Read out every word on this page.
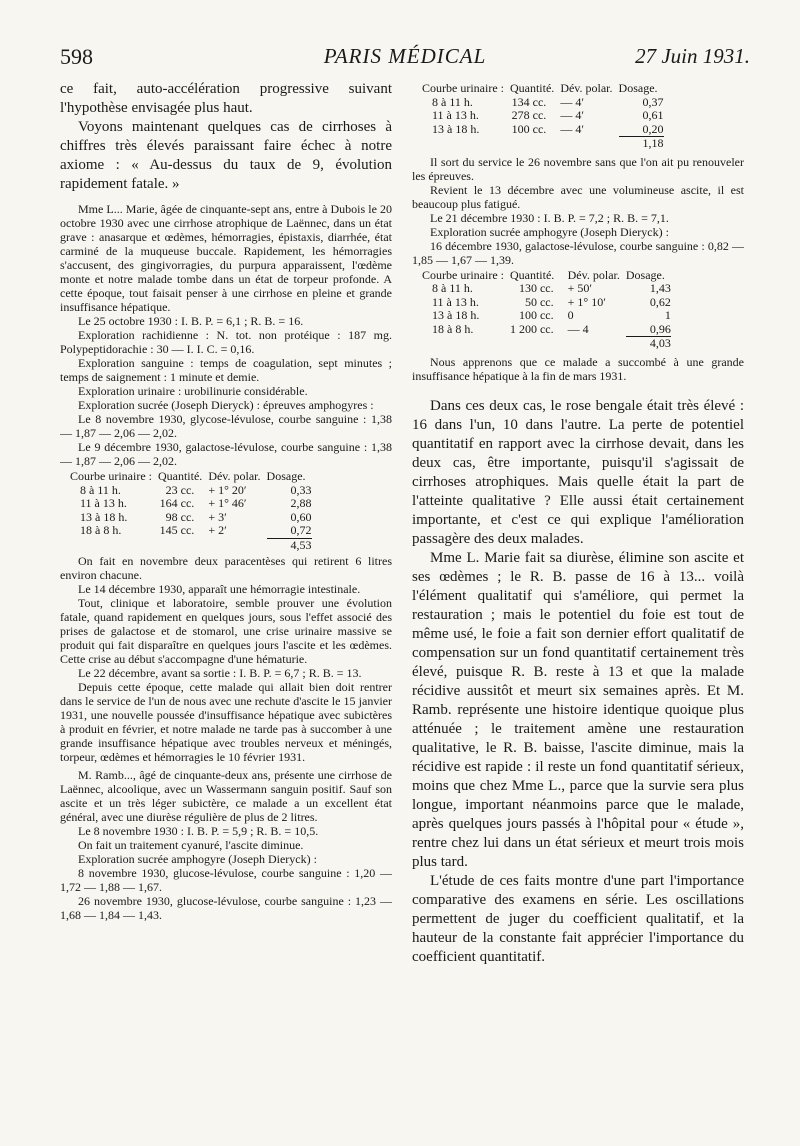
598	PARIS MÉDICAL	27 Juin 1931.

ce fait, auto-accélération progressive suivant l'hypothèse envisagée plus haut.

Voyons maintenant quelques cas de cirrhoses à chiffres très élevés paraissant faire échec à notre axiome : « Au-dessus du taux de 9, évolution rapidement fatale. »

Mme L... Marie, âgée de cinquante-sept ans, entre à Dubois le 20 octobre 1930 avec une cirrhose atrophique de Laënnec, dans un état grave : anasarque et œdèmes, hémorragies, épistaxis, diarrhée, état carminé de la muqueuse buccale. Rapidement, les hémorragies s'accusent, des gingivorragies, du purpura apparaissent, l'œdème monte et notre malade tombe dans un état de torpeur profonde. A cette époque, tout faisait penser à une cirrhose en pleine et grande insuffisance hépatique.

Le 25 octobre 1930 : I. B. P. = 6,1 ; R. B. = 16.

Exploration rachidienne : N. tot. non protéique : 187 mg. Polypeptidorachie : 30 — I. I. C. = 0,16.

Exploration sanguine : temps de coagulation, sept minutes ; temps de saignement : 1 minute et demie.

Exploration urinaire : urobilinurie considérable.

Exploration sucrée (Joseph Dieryck) : épreuves amphogyres :

Le 8 novembre 1930, glycose-lévulose, courbe sanguine : 1,38 — 1,87 — 2,06 — 2,02.

Le 9 décembre 1930, galactose-lévulose, courbe sanguine : 1,38 — 1,87 — 2,06 — 2,02.

Courbe urinaire :	Quantité.	Dév. polar.	Dosage.
8 à 11 h.	23 cc.	+ 1° 20′	0,33
11 à 13 h.	164 cc.	+ 1° 46′	2,88
13 à 18 h.	98 cc.	+ 3′	0,60
18 à 8 h.	145 cc.	+ 2′	0,72
			4,53

On fait en novembre deux paracentèses qui retirent 6 litres environ chacune.

Le 14 décembre 1930, apparaît une hémorragie intestinale.

Tout, clinique et laboratoire, semble prouver une évolution fatale, quand rapidement en quelques jours, sous l'effet associé des prises de galactose et de stomarol, une crise urinaire massive se produit qui fait disparaître en quelques jours l'ascite et les œdèmes. Cette crise au début s'accompagne d'une hématurie.

Le 22 décembre, avant sa sortie : I. B. P. = 6,7 ; R. B. = 13.

Depuis cette époque, cette malade qui allait bien doit rentrer dans le service de l'un de nous avec une rechute d'ascite le 15 janvier 1931, une nouvelle poussée d'insuffisance hépatique avec subictères à produit en février, et notre malade ne tarde pas à succomber à une grande insuffisance hépatique avec troubles nerveux et méningés, torpeur, œdèmes et hémorragies le 10 février 1931.

M. Ramb..., âgé de cinquante-deux ans, présente une cirrhose de Laënnec, alcoolique, avec un Wassermann sanguin positif. Sauf son ascite et un très léger subictère, ce malade a un excellent état général, avec une diurèse régulière de plus de 2 litres.

Le 8 novembre 1930 : I. B. P. = 5,9 ; R. B. = 10,5.

On fait un traitement cyanuré, l'ascite diminue.

Exploration sucrée amphogyre (Joseph Dieryck) :

8 novembre 1930, glucose-lévulose, courbe sanguine : 1,20 — 1,72 — 1,88 — 1,67.

26 novembre 1930, glucose-lévulose, courbe sanguine : 1,23 — 1,68 — 1,84 — 1,43.

Courbe urinaire :	Quantité.	Dév. polar.	Dosage.
8 à 11 h.	134 cc.	— 4′	0,37
11 à 13 h.	278 cc.	— 4′	0,61
13 à 18 h.	100 cc.	— 4′	0,20
			1,18

Il sort du service le 26 novembre sans que l'on ait pu renouveler les épreuves.

Revient le 13 décembre avec une volumineuse ascite, il est beaucoup plus fatigué.

Le 21 décembre 1930 : I. B. P. = 7,2 ; R. B. = 7,1.

Exploration sucrée amphogyre (Joseph Dieryck) :

16 décembre 1930, galactose-lévulose, courbe sanguine : 0,82 — 1,85 — 1,67 — 1,39.

Courbe urinaire :	Quantité.	Dév. polar.	Dosage.
8 à 11 h.	130 cc.	+ 50′	1,43
11 à 13 h.	50 cc.	+ 1° 10′	0,62
13 à 18 h.	100 cc.	0	1
18 à 8 h.	1 200 cc.	— 4	0,96
			4,03

Nous apprenons que ce malade a succombé à une grande insuffisance hépatique à la fin de mars 1931.

Dans ces deux cas, le rose bengale était très élevé : 16 dans l'un, 10 dans l'autre. La perte de potentiel quantitatif en rapport avec la cirrhose devait, dans les deux cas, être importante, puisqu'il s'agissait de cirrhoses atrophiques. Mais quelle était la part de l'atteinte qualitative ? Elle aussi était certainement importante, et c'est ce qui explique l'amélioration passagère des deux malades.

Mme L. Marie fait sa diurèse, élimine son ascite et ses œdèmes ; le R. B. passe de 16 à 13... voilà l'élément qualitatif qui s'améliore, qui permet la restauration ; mais le potentiel du foie est tout de même usé, le foie a fait son dernier effort qualitatif de compensation sur un fond quantitatif certainement très élevé, puisque R. B. reste à 13 et que la malade récidive aussitôt et meurt six semaines après. Et M. Ramb. représente une histoire identique quoique plus atténuée ; le traitement amène une restauration qualitative, le R. B. baisse, l'ascite diminue, mais la récidive est rapide : il reste un fond quantitatif sérieux, moins que chez Mme L., parce que la survie sera plus longue, important néanmoins parce que le malade, après quelques jours passés à l'hôpital pour « étude », rentre chez lui dans un état sérieux et meurt trois mois plus tard.

L'étude de ces faits montre d'une part l'importance comparative des examens en série. Les oscillations permettent de juger du coefficient qualitatif, et la hauteur de la constante fait apprécier l'importance du coefficient quantitatif.
